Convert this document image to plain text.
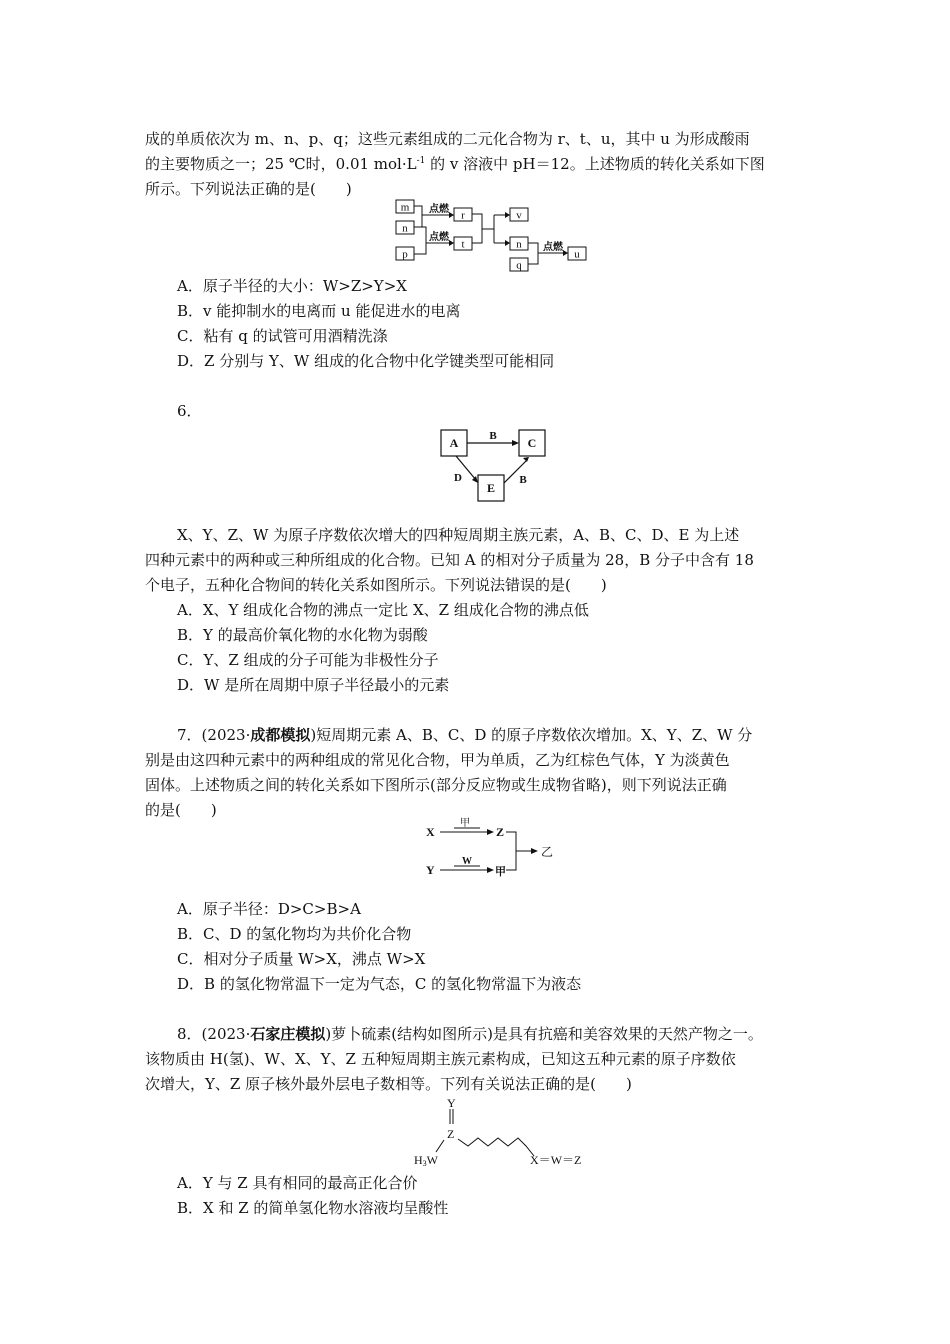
成的单质依次为 m、n、p、q；这些元素组成的二元化合物为 r、t、u，其中 u 为形成酸雨

的主要物质之一；25 ℃时，0.01 $mol\cdot L^{-1}$ 的 v 溶液中 pH＝12。上述物质的转化关系如下图

所示。下列说法正确的是(　　)

m
n
p
r
t
v
n
q
u
点燃
点燃
点燃

A．原子半径的大小：W>Z>Y>X

B．v 能抑制水的电离而 u 能促进水的电离

C．粘有 q 的试管可用酒精洗涤

D．Z 分别与 Y、W 组成的化合物中化学键类型可能相同

6．

A	C
E
B
D	B

X、Y、Z、W 为原子序数依次增大的四种短周期主族元素，A、B、C、D、E 为上述

四种元素中的两种或三种所组成的化合物。已知 A 的相对分子质量为 28，B 分子中含有 18

个电子，五种化合物间的转化关系如图所示。下列说法错误的是(　　)

A．X、Y 组成化合物的沸点一定比 X、Z 组成化合物的沸点低

B．Y 的最高价氧化物的水化物为弱酸

C．Y、Z 组成的分子可能为非极性分子

D．W 是所在周期中原子半径最小的元素

7．(2023·成都模拟)短周期元素 A、B、C、D 的原子序数依次增加。X、Y、Z、W 分

别是由这四种元素中的两种组成的常见化合物，甲为单质，乙为红棕色气体，Y 为淡黄色

固体。上述物质之间的转化关系如下图所示(部分反应物或生成物省略)，则下列说法正确

的是(　　)

X	Z
Y	甲
乙
甲
W

A．原子半径：D>C>B>A

B．C、D 的氢化物均为共价化合物

C．相对分子质量 W>X，沸点 W>X

D．B 的氢化物常温下一定为气态，C 的氢化物常温下为液态

8．(2023·石家庄模拟)萝卜硫素(结构如图所示)是具有抗癌和美容效果的天然产物之一。

该物质由 H(氢)、W、X、Y、Z 五种短周期主族元素构成，已知这五种元素的原子序数依

次增大，Y、Z 原子核外最外层电子数相等。下列有关说法正确的是(　　)

Y
Z
H3W	X＝W＝Z

A．Y 与 Z 具有相同的最高正化合价

B．X 和 Z 的简单氢化物水溶液均呈酸性
